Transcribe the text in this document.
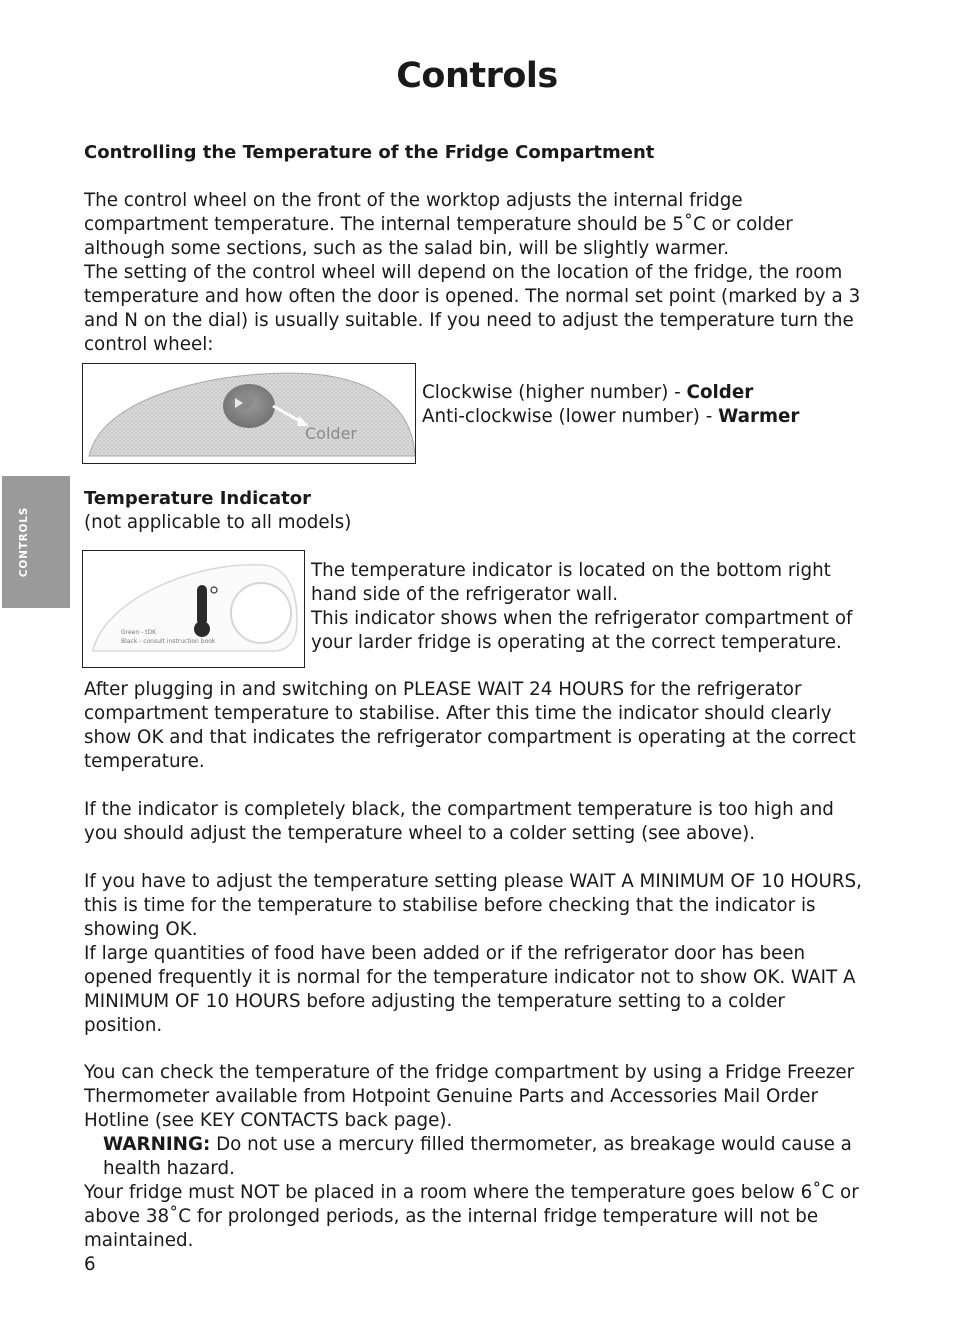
Controls
CONTROLS
Controlling the Temperature of the Fridge Compartment
The control wheel on the front of the worktop adjusts the internal fridge
compartment temperature. The internal temperature should be 5˚C or colder
although some sections, such as the salad bin, will be slightly warmer.
The setting of the control wheel will depend on the location of the fridge, the room
temperature and how often the door is opened. The normal set point (marked by a 3
and N on the dial) is usually suitable. If you need to adjust the temperature turn the
control wheel:
Colder
Clockwise (higher number) - Colder
Anti-clockwise (lower number) - Warmer
Temperature Indicator
(not applicable to all models)
Green - tDK
Black - consult instruction book
The temperature indicator is located on the bottom right
hand side of the refrigerator wall.
This indicator shows when the refrigerator compartment of
your larder fridge is operating at the correct temperature.
After plugging in and switching on PLEASE WAIT 24 HOURS for the refrigerator
compartment temperature to stabilise. After this time the indicator should clearly
show OK and that indicates the refrigerator compartment is operating at the correct
temperature.
If the indicator is completely black, the compartment temperature is too high and
you should adjust the temperature wheel to a colder setting (see above).
If you have to adjust the temperature setting please WAIT A MINIMUM OF 10 HOURS,
this is time for the temperature to stabilise before checking that the indicator is
showing OK.
If large quantities of food have been added or if the refrigerator door has been
opened frequently it is normal for the temperature indicator not to show OK. WAIT A
MINIMUM OF 10 HOURS before adjusting the temperature setting to a colder
position.
You can check the temperature of the fridge compartment by using a Fridge Freezer
Thermometer available from Hotpoint Genuine Parts and Accessories Mail Order
Hotline (see KEY CONTACTS back page).
WARNING: Do not use a mercury filled thermometer, as breakage would cause a
health hazard.
Your fridge must NOT be placed in a room where the temperature goes below 6˚C or
above 38˚C for prolonged periods, as the internal fridge temperature will not be
maintained.
6
